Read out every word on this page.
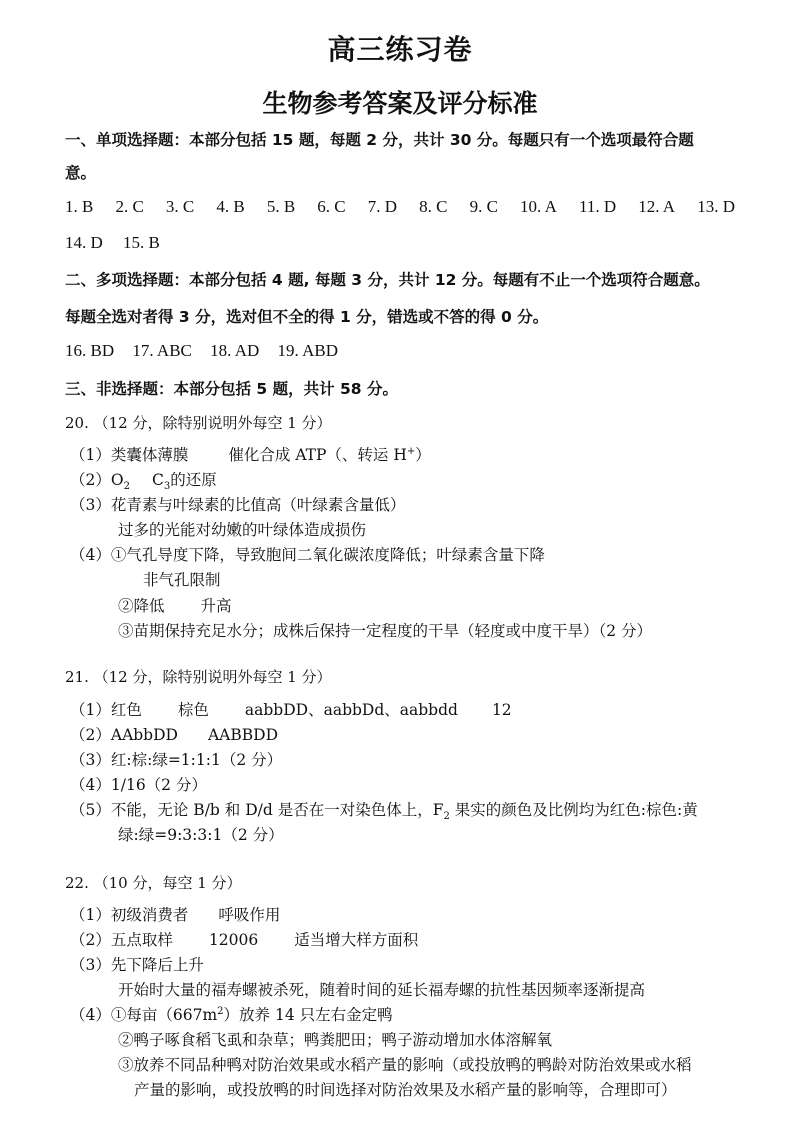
高三练习卷
生物参考答案及评分标准
一、单项选择题：本部分包括 15 题，每题 2 分，共计 30 分。每题只有一个选项最符合题
意。
1. B 2. C 3. C 4. B 5. B 6. C 7. D 8. C 9. C 10. A 11. D 12. A 13. D
14. D 15. B
二、多项选择题：本部分包括 4 题, 每题 3 分，共计 12 分。每题有不止一个选项符合题意。
每题全选对者得 3 分，选对但不全的得 1 分，错选或不答的得 0 分。
16. BD 17. ABC 18. AD 19. ABD
三、非选择题：本部分包括 5 题，共计 58 分。
20. （12 分，除特别说明外每空 1 分）
（1）类囊体薄膜	催化合成 ATP（、转运 H+）
$(2)O_2$ $C_3$的还原
（3）花青素与叶绿素的比值高（叶绿素含量低）
过多的光能对幼嫩的叶绿体造成损伤
（4）①气孔导度下降，导致胞间二氧化碳浓度降低；叶绿素含量下降
非气孔限制
②降低 升高
③苗期保持充足水分；成株后保持一定程度的干旱（轻度或中度干旱）（2 分）
21. （12 分，除特别说明外每空 1 分）
（1）红色 棕色 aabbDD、aabbDd、aabbdd 12
（2）AAbbDD AABBDD
（3）红:棕:绿=1:1:1（2 分）
（4）1/16（2 分）
（5）不能，无论 B/b 和 D/d 是否在一对染色体上，$F_2$ 果实的颜色及比例均为红色:棕色:黄
绿:绿=9:3:3:1（2 分）
22. （10 分，每空 1 分）
（1）初级消费者 呼吸作用
（2）五点取样 12006 适当增大样方面积
（3）先下降后上升
开始时大量的福寿螺被杀死，随着时间的延长福寿螺的抗性基因频率逐渐提高
（4）①每亩$(667m^2)$放养 14 只左右金定鸭
②鸭子啄食稻飞虱和杂草；鸭粪肥田；鸭子游动增加水体溶解氧
③放养不同品种鸭对防治效果或水稻产量的影响（或投放鸭的鸭龄对防治效果或水稻
产量的影响，或投放鸭的时间选择对防治效果及水稻产量的影响等，合理即可）
